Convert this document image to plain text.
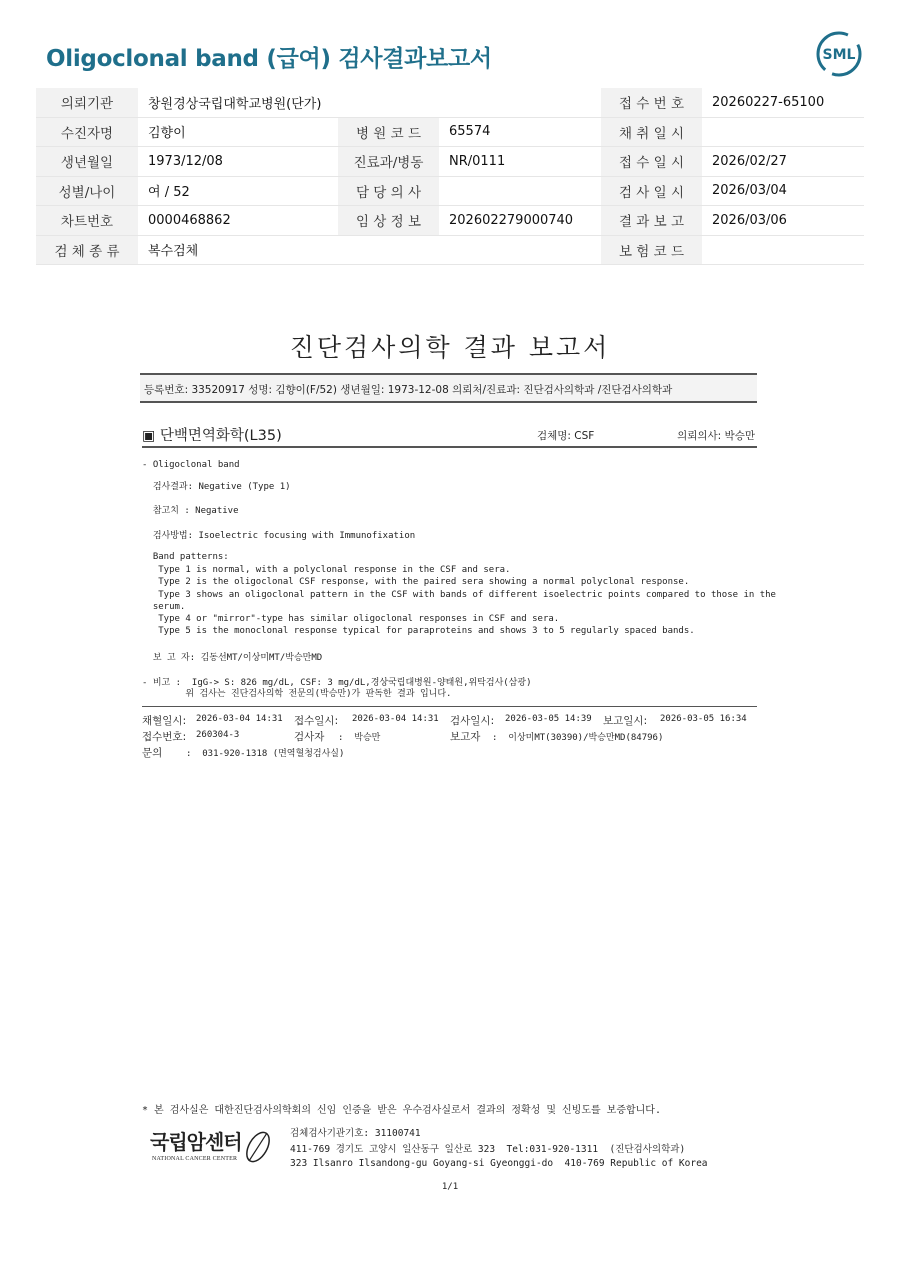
Oligoclonal band (급여) 검사결과보고서	SML
의뢰기관	창원경상국립대학교병원(단가)			접 수 번 호	20260227-65100
수진자명	김향이	병 원 코 드	65574	채 취 일 시	
생년월일	1973/12/08	진료과/병동	NR/0111	접 수 일 시	2026/02/27
성별/나이	여 / 52	담 당 의 사		검 사 일 시	2026/03/04
차트번호	0000468862	임 상 정 보	202602279000740	결 과 보 고	2026/03/06
검 체 종 류	복수검체			보 험 코 드	
진단검사의학 결과 보고서
등록번호: 33520917 성명: 김향이(F/52) 생년월일: 1973-12-08 의뢰처/진료과: 진단검사의학과 /진단검사의학과
▣ 단백면역화학(L35)	검체명: CSF	의뢰의사: 박승만
- Oligoclonal band
검사결과: Negative (Type 1)
참고치 : Negative
검사방법: Isoelectric focusing with Immunofixation
Band patterns:
Type 1 is normal, with a polyclonal response in the CSF and sera.
Type 2 is the oligoclonal CSF response, with the paired sera showing a normal polyclonal response.
Type 3 shows an oligoclonal pattern in the CSF with bands of different isoelectric points compared to those in the
serum.
Type 4 or "mirror"-type has similar oligoclonal responses in CSF and sera.
Type 5 is the monoclonal response typical for paraproteins and shows 3 to 5 regularly spaced bands.
보 고 자: 김동선MT/이상미MT/박승만MD
- 비고 :  IgG-> S: 826 mg/dL, CSF: 3 mg/dL,경상국립대병원-양태원,위탁검사(삼광)
위 검사는 진단검사의학 전문의(박승만)가 판독한 결과 입니다.
채혈일시: 2026-03-04 14:31 접수일시: 2026-03-04 14:31 검사일시: 2026-03-05 14:39 보고일시: 2026-03-05 16:34
접수번호: 260304-3	검사자 :  박승만	보고자 :  이상미MT(30390)/박승만MD(84796)
문의	:  031-920-1318 (면역혈청검사실)
* 본 검사실은 대한진단검사의학회의 신임 인증을 받은 우수검사실로서 결과의 정확성 및 신빙도를 보증합니다.
국립암센터
NATIONAL CANCER CENTER
검체검사기관기호: 31100741
411-769 경기도 고양시 일산동구 일산로 323  Tel:031-920-1311  (진단검사의학과)
323 Ilsanro Ilsandong-gu Goyang-si Gyeonggi-do  410-769 Republic of Korea
1/1
